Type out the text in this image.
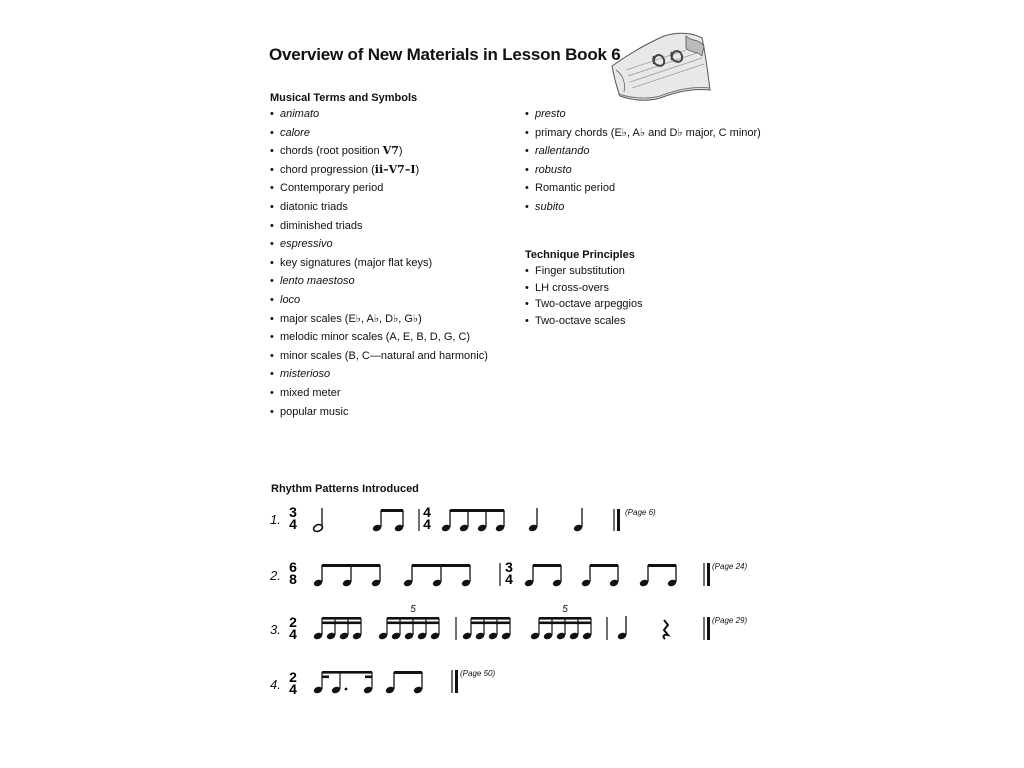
Overview of New Materials in Lesson Book 6
Musical Terms and Symbols
• animato
• calore
• chords (root position V7)
• chord progression (ii–V7–I)
• Contemporary period
• diatonic triads
• diminished triads
• espressivo
• key signatures (major flat keys)
• lento maestoso
• loco
• major scales (E♭, A♭, D♭, G♭)
• melodic minor scales (A, E, B, D, G, C)
• minor scales (B, C—natural and harmonic)
• misterioso
• mixed meter
• popular music
• presto
• primary chords (E♭, A♭ and D♭ major, C minor)
• rallentando
• robusto
• Romantic period
• subito
Technique Principles
• Finger substitution
• LH cross-overs
• Two-octave arpeggios
• Two-octave scales
Rhythm Patterns Introduced
1. 3
4
4
4
(Page 6)
2.
6
8
3
4
(Page 24)
3. 2
4
5	5
(Page 29)
4. 2
4
(Page 50)
